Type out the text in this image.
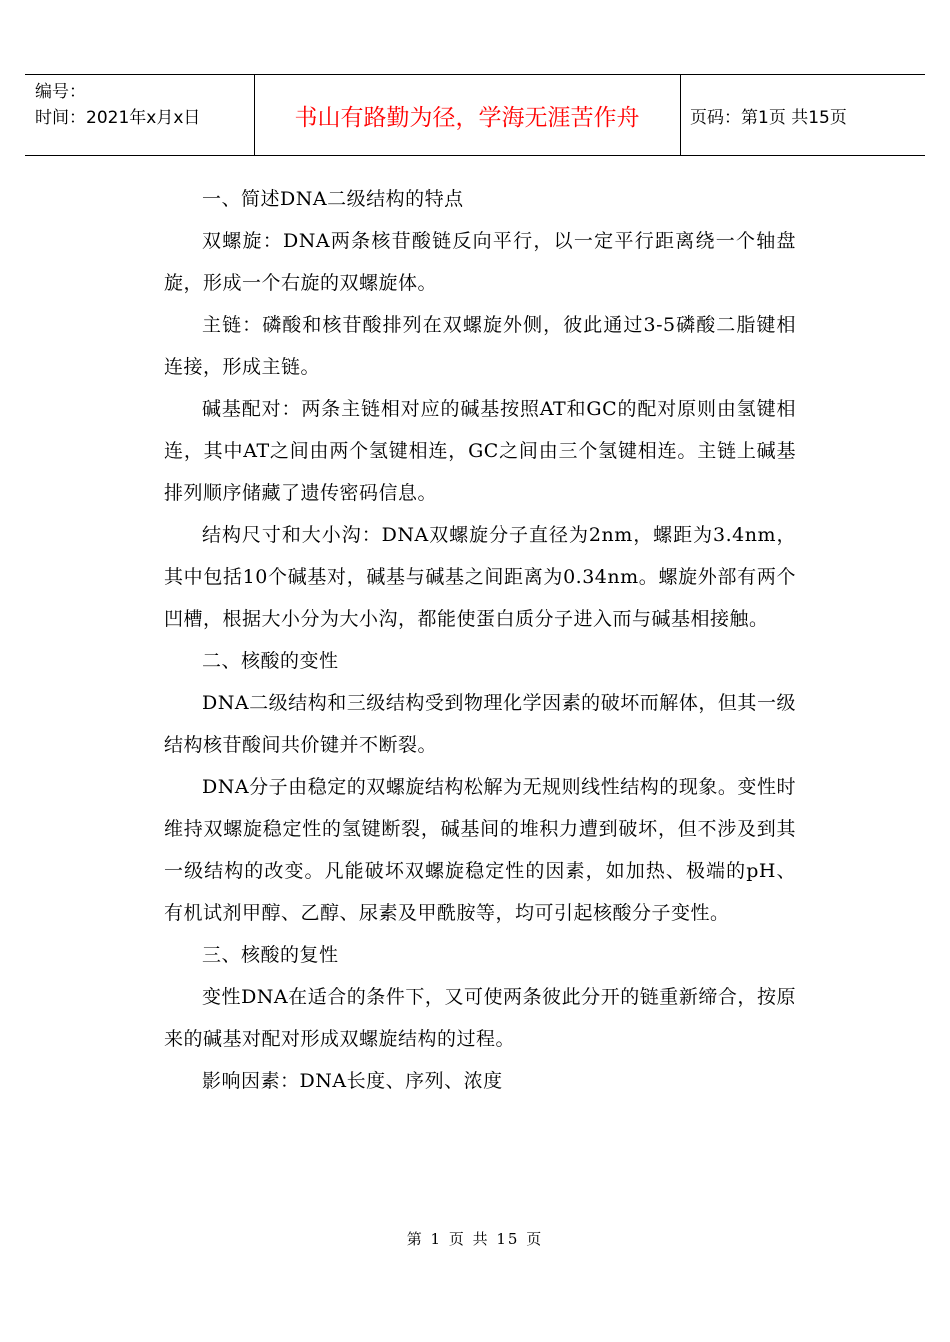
编号：
时间：2021年x月x日	书山有路勤为径，学海无涯苦作舟	页码：第1页 共15页

一、简述DNA二级结构的特点

双螺旋：DNA两条核苷酸链反向平行，以一定平行距离绕一个轴盘旋，形成一个右旋的双螺旋体。

主链：磷酸和核苷酸排列在双螺旋外侧，彼此通过3-5磷酸二脂键相连接，形成主链。

碱基配对：两条主链相对应的碱基按照AT和GC的配对原则由氢键相连，其中AT之间由两个氢键相连，GC之间由三个氢键相连。主链上碱基排列顺序储藏了遗传密码信息。

结构尺寸和大小沟：DNA双螺旋分子直径为2nm，螺距为3.4nm，其中包括10个碱基对，碱基与碱基之间距离为0.34nm。螺旋外部有两个凹槽，根据大小分为大小沟，都能使蛋白质分子进入而与碱基相接触。

二、核酸的变性

DNA二级结构和三级结构受到物理化学因素的破坏而解体，但其一级结构核苷酸间共价键并不断裂。

DNA分子由稳定的双螺旋结构松解为无规则线性结构的现象。变性时维持双螺旋稳定性的氢键断裂，碱基间的堆积力遭到破坏，但不涉及到其一级结构的改变。凡能破坏双螺旋稳定性的因素，如加热、极端的pH、有机试剂甲醇、乙醇、尿素及甲酰胺等，均可引起核酸分子变性。

三、核酸的复性

变性DNA在适合的条件下，又可使两条彼此分开的链重新缔合，按原来的碱基对配对形成双螺旋结构的过程。

影响因素：DNA长度、序列、浓度

第 1 页 共 15 页
